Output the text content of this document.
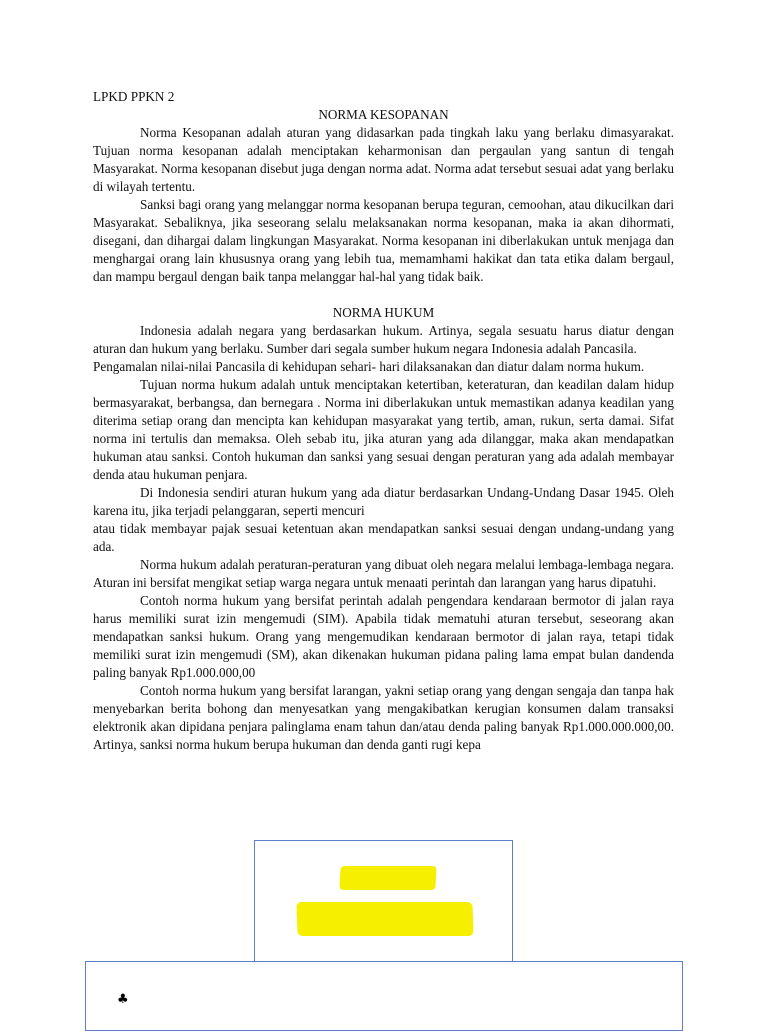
LPKD PPKN 2

NORMA KESOPANAN

Norma Kesopanan adalah aturan yang didasarkan pada tingkah laku yang berlaku dimasyarakat. Tujuan norma kesopanan adalah menciptakan keharmonisan dan pergaulan yang santun di tengah Masyarakat. Norma kesopanan disebut juga dengan norma adat. Norma adat tersebut sesuai adat yang berlaku di wilayah tertentu.

Sanksi bagi orang yang melanggar norma kesopanan berupa teguran, cemoohan, atau dikucilkan dari Masyarakat. Sebaliknya, jika seseorang selalu melaksanakan norma kesopanan, maka ia akan dihormati, disegani, dan dihargai dalam lingkungan Masyarakat. Norma kesopanan ini diberlakukan untuk menjaga dan menghargai orang lain khususnya orang yang lebih tua, memamhami hakikat dan tata etika dalam bergaul, dan mampu bergaul dengan baik tanpa melanggar hal-hal yang tidak baik.

NORMA HUKUM

Indonesia adalah negara yang berdasarkan hukum. Artinya, segala sesuatu harus diatur dengan aturan dan hukum yang berlaku. Sumber dari segala sumber hukum negara Indonesia adalah Pancasila.

Pengamalan nilai-nilai Pancasila di kehidupan sehari- hari dilaksanakan dan diatur dalam norma hukum.

Tujuan norma hukum adalah untuk menciptakan ketertiban, keteraturan, dan keadilan dalam hidup bermasyarakat, berbangsa, dan bernegara . Norma ini diberlakukan untuk memastikan adanya keadilan yang diterima setiap orang dan mencipta kan kehidupan masyarakat yang tertib, aman, rukun, serta damai. Sifat norma ini tertulis dan memaksa. Oleh sebab itu, jika aturan yang ada dilanggar, maka akan mendapatkan hukuman atau sanksi. Contoh hukuman dan sanksi yang sesuai dengan peraturan yang ada adalah membayar denda atau hukuman penjara.

Di Indonesia sendiri aturan hukum yang ada diatur berdasarkan Undang-Undang Dasar 1945. Oleh karena itu, jika terjadi pelanggaran, seperti mencuri

atau tidak membayar pajak sesuai ketentuan akan mendapatkan sanksi sesuai dengan undang-undang yang ada.

Norma hukum adalah peraturan-peraturan yang dibuat oleh negara melalui lembaga-lembaga negara. Aturan ini bersifat mengikat setiap warga negara untuk menaati perintah dan larangan yang harus dipatuhi.

Contoh norma hukum yang bersifat perintah adalah pengendara kendaraan bermotor di jalan raya harus memiliki surat izin mengemudi (SIM). Apabila tidak mematuhi aturan tersebut, seseorang akan mendapatkan sanksi hukum. Orang yang mengemudikan kendaraan bermotor di jalan raya, tetapi tidak memiliki surat izin mengemudi (SM), akan dikenakan hukuman pidana paling lama empat bulan dandenda paling banyak Rp1.000.000,00

Contoh norma hukum yang bersifat larangan, yakni setiap orang yang dengan sengaja dan tanpa hak menyebarkan berita bohong dan menyesatkan yang mengakibatkan kerugian konsumen dalam transaksi elektronik akan dipidana penjara palinglama enam tahun dan/atau denda paling banyak Rp1.000.000.000,00. Artinya, sanksi norma hukum berupa hukuman dan denda ganti rugi kepa

♣
